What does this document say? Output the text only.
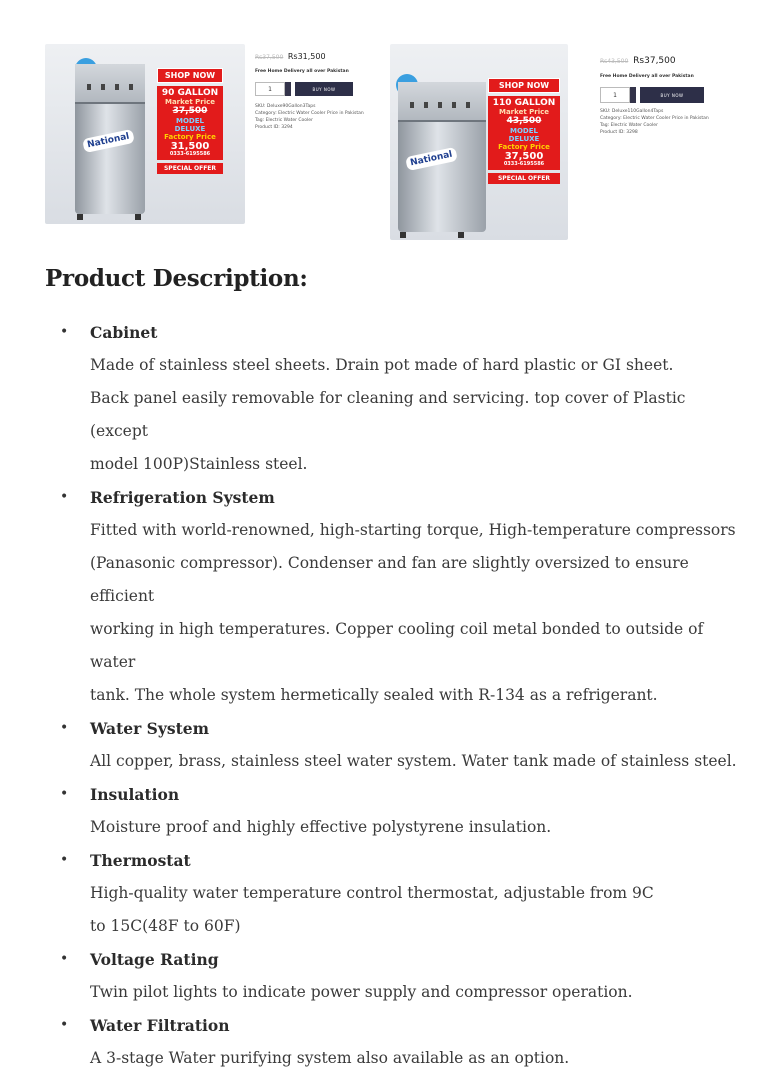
National
SHOP NOW
90 GALLON
Market Price
37,500
MODEL
DELUXE
Factory Price
31,500
0333-6195586
SPECIAL OFFER
Rs37,500 Rs31,500
Free Home Delivery all over Pakistan
1	BUY NOW
SKU: Deluxe90Gallon3Taps
Category: Electric Water Cooler Price in Pakistan
Tag: Electric Water Cooler
Product ID: 3294
National
SHOP NOW
110 GALLON
Market Price
43,500
MODEL
DELUXE
Factory Price
37,500
0333-6195586
SPECIAL OFFER
Rs43,500 Rs37,500
Free Home Delivery all over Pakistan
1	BUY NOW
SKU: Deluxe110Gallon4Taps
Category: Electric Water Cooler Price in Pakistan
Tag: Electric Water Cooler
Product ID: 3298
Product Description:
• Cabinet
Made of stainless steel sheets. Drain pot made of hard plastic or GI sheet.
Back panel easily removable for cleaning and servicing. top cover of Plastic (except
model 100P)Stainless steel.
• Refrigeration System
Fitted with world-renowned, high-starting torque, High-temperature compressors
(Panasonic compressor). Condenser and fan are slightly oversized to ensure efficient
working in high temperatures. Copper cooling coil metal bonded to outside of water
tank. The whole system hermetically sealed with R-134 as a refrigerant.
• Water System
All copper, brass, stainless steel water system. Water tank made of stainless steel.
• Insulation
Moisture proof and highly effective polystyrene insulation.
• Thermostat
High-quality water temperature control thermostat, adjustable from 9C
to 15C(48F to 60F)
• Voltage Rating
Twin pilot lights to indicate power supply and compressor operation.
• Water Filtration
A 3-stage Water purifying system also available as an option.
